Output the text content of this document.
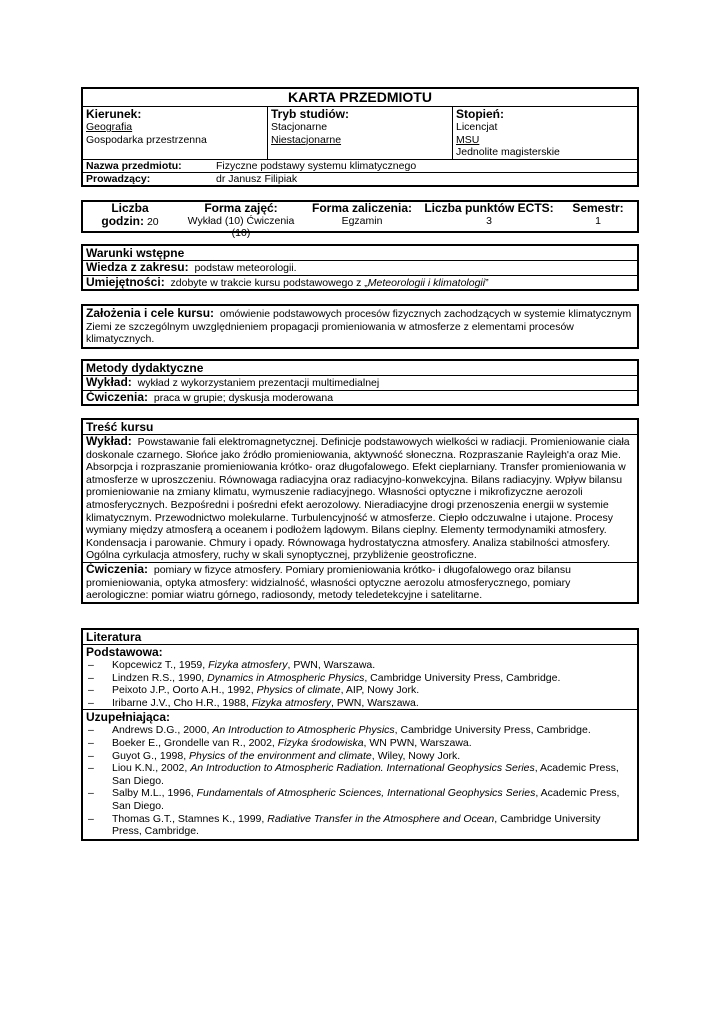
KARTA PRZEDMIOTU
Kierunek:
Geografia
Gospodarka przestrzenna
Tryb studiów:
Stacjonarne
Niestacjonarne
Stopień:
Licencjat
MSU
Jednolite magisterskie
Nazwa przedmiotu:	Fizyczne podstawy systemu klimatycznego
Prowadzący:	dr Janusz Filipiak
Liczba
godzin: 20
Forma zajęć:
Wykład (10) Ćwiczenia (10)
Forma zaliczenia:
Egzamin
Liczba punktów ECTS:
3
Semestr:
1
Warunki wstępne
Wiedza z zakresu: podstaw meteorologii.
Umiejętności: zdobyte w trakcie kursu podstawowego z „Meteorologii i klimatologii”
Założenia i cele kursu: omówienie podstawowych procesów fizycznych zachodzących w systemie klimatycznym Ziemi ze szczególnym uwzględnieniem propagacji promieniowania w atmosferze z elementami procesów klimatycznych.
Metody dydaktyczne
Wykład: wykład z wykorzystaniem prezentacji multimedialnej
Ćwiczenia: praca w grupie; dyskusja moderowana
Treść kursu
Wykład: Powstawanie fali elektromagnetycznej. Definicje podstawowych wielkości w radiacji. Promieniowanie ciała doskonale czarnego. Słońce jako źródło promieniowania, aktywność słoneczna. Rozpraszanie Rayleigh'a oraz Mie. Absorpcja i rozpraszanie promieniowania krótko- oraz długofalowego. Efekt cieplarniany. Transfer promieniowania w atmosferze w uproszczeniu. Równowaga radiacyjna oraz radiacyjno-konwekcyjna. Bilans radiacyjny. Wpływ bilansu promieniowanie na zmiany klimatu, wymuszenie radiacyjnego. Własności optyczne i mikrofizyczne aerozoli atmosferycznych. Bezpośredni i pośredni efekt aerozolowy. Nieradiacyjne drogi przenoszenia energii w systemie klimatycznym. Przewodnictwo molekularne. Turbulencyjność w atmosferze. Ciepło odczuwalne i utajone. Procesy wymiany między atmosferą a oceanem i podłożem lądowym. Bilans cieplny. Elementy termodynamiki atmosfery. Kondensacja i parowanie. Chmury i opady. Równowaga hydrostatyczna atmosfery. Analiza stabilności atmosfery. Ogólna cyrkulacja atmosfery, ruchy w skali synoptycznej, przybliżenie geostroficzne.
Ćwiczenia: pomiary w fizyce atmosfery. Pomiary promieniowania krótko- i długofalowego oraz bilansu promieniowania, optyka atmosfery: widzialność, własności optyczne aerozolu atmosferycznego, pomiary aerologiczne: pomiar wiatru górnego, radiosondy, metody teledetekcyjne i satelitarne.
Literatura
Podstawowa:
– Kopcewicz T., 1959, Fizyka atmosfery, PWN, Warszawa.
– Lindzen R.S., 1990, Dynamics in Atmospheric Physics, Cambridge University Press, Cambridge.
– Peixoto J.P., Oorto A.H., 1992, Physics of climate, AIP, Nowy Jork.
– Iribarne J.V., Cho H.R., 1988, Fizyka atmosfery, PWN, Warszawa.
Uzupełniająca:
– Andrews D.G., 2000, An Introduction to Atmospheric Physics, Cambridge University Press, Cambridge.
– Boeker E., Grondelle van R., 2002, Fizyka środowiska, WN PWN, Warszawa.
– Guyot G., 1998, Physics of the environment and climate, Wiley, Nowy Jork.
– Liou K.N., 2002, An Introduction to Atmospheric Radiation. International Geophysics Series, Academic Press, San Diego.
– Salby M.L., 1996, Fundamentals of Atmospheric Sciences, International Geophysics Series, Academic Press, San Diego.
– Thomas G.T., Stamnes K., 1999, Radiative Transfer in the Atmosphere and Ocean, Cambridge University Press, Cambridge.
